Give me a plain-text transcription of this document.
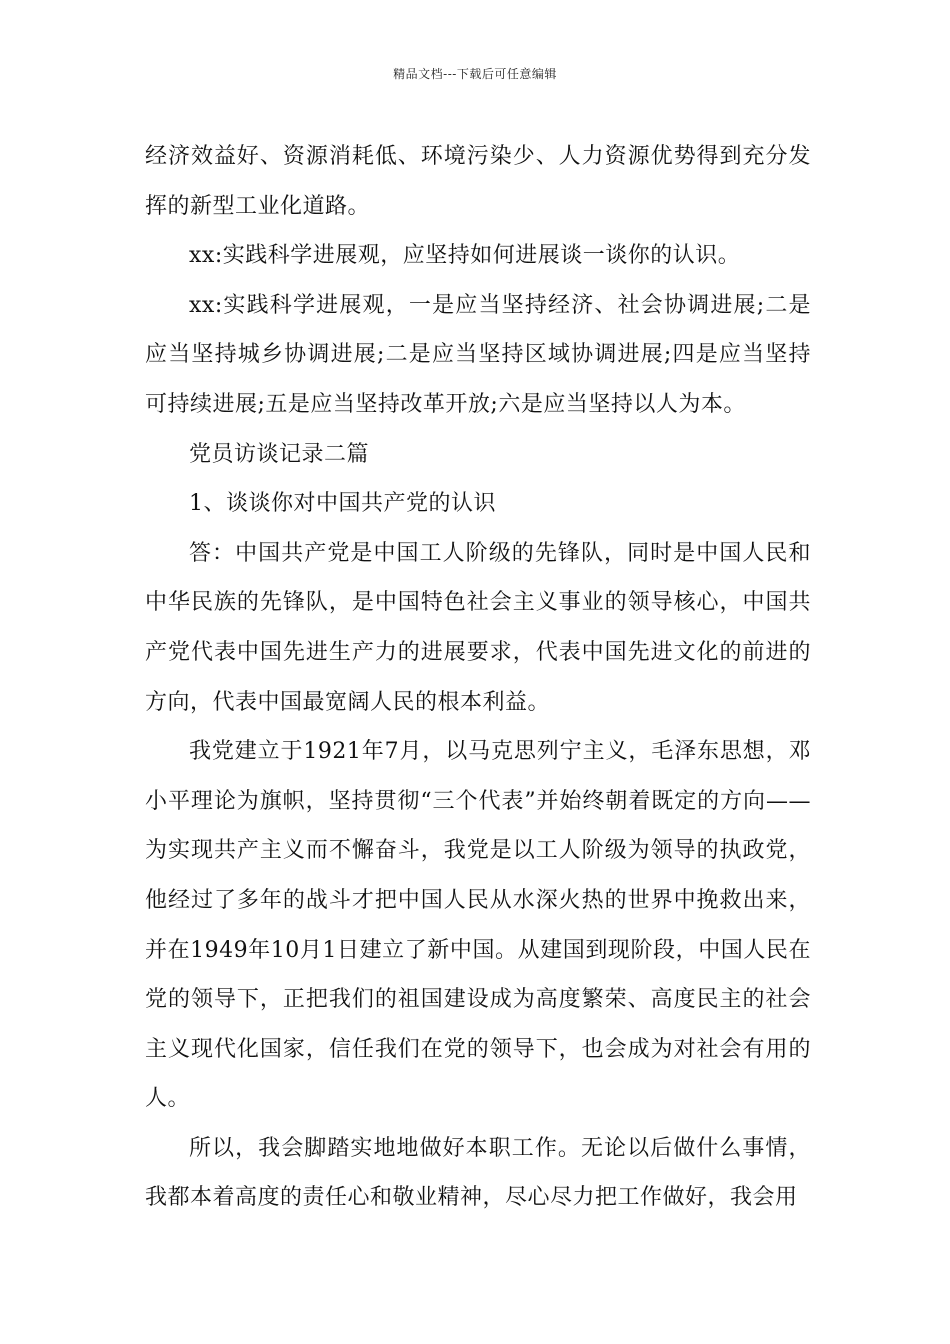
精品文档---下载后可任意编辑

经济效益好、资源消耗低、环境污染少、人力资源优势得到充分发挥的新型工业化道路。

xx:实践科学进展观，应坚持如何进展谈一谈你的认识。

xx:实践科学进展观，一是应当坚持经济、社会协调进展;二是应当坚持城乡协调进展;二是应当坚持区域协调进展;四是应当坚持可持续进展;五是应当坚持改革开放;六是应当坚持以人为本。

党员访谈记录二篇

1、谈谈你对中国共产党的认识

答：中国共产党是中国工人阶级的先锋队，同时是中国人民和中华民族的先锋队，是中国特色社会主义事业的领导核心，中国共产党代表中国先进生产力的进展要求，代表中国先进文化的前进的方向，代表中国最宽阔人民的根本利益。

我党建立于1921年7月，以马克思列宁主义，毛泽东思想，邓小平理论为旗帜，坚持贯彻“三个代表”并始终朝着既定的方向——为实现共产主义而不懈奋斗，我党是以工人阶级为领导的执政党，他经过了多年的战斗才把中国人民从水深火热的世界中挽救出来，并在1949年10月1日建立了新中国。从建国到现阶段，中国人民在党的领导下，正把我们的祖国建设成为高度繁荣、高度民主的社会主义现代化国家，信任我们在党的领导下，也会成为对社会有用的人。

所以，我会脚踏实地地做好本职工作。无论以后做什么事情，我都本着高度的责任心和敬业精神，尽心尽力把工作做好，我会用
